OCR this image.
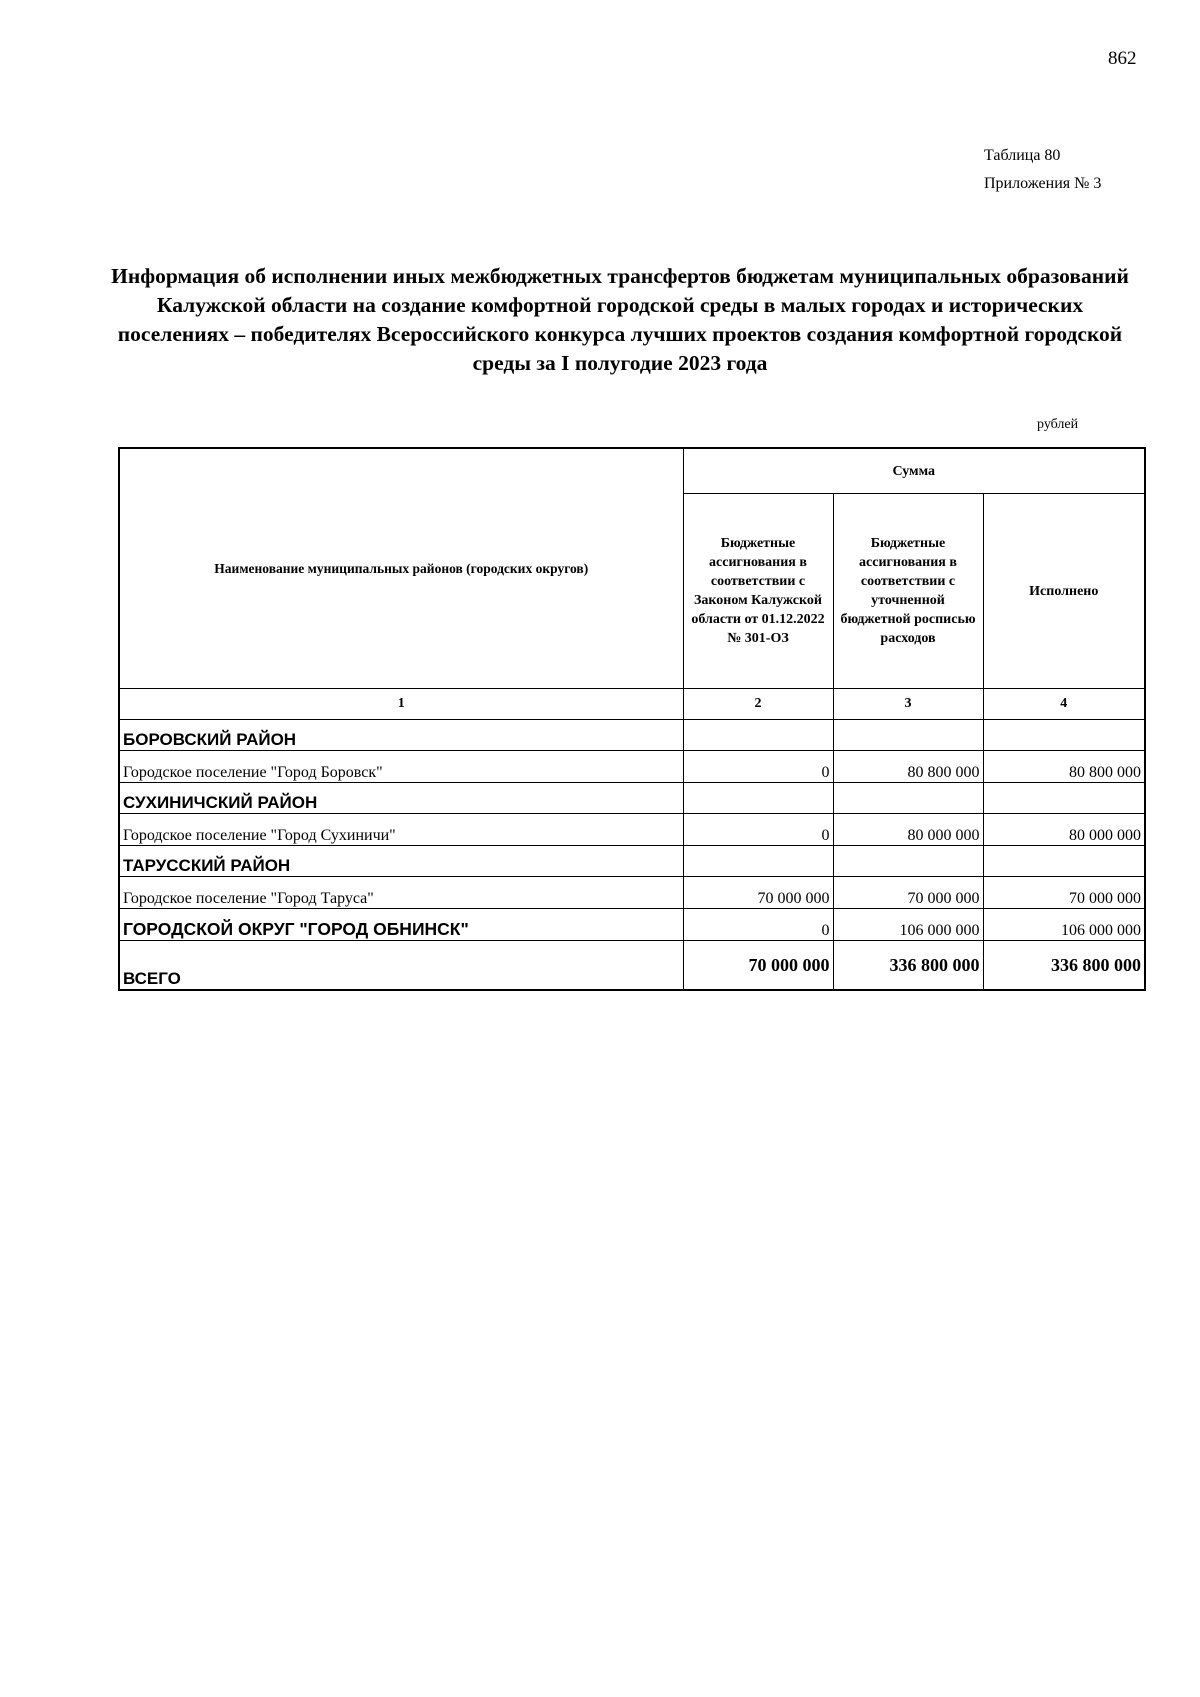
862
Таблица 80
Приложения № 3
Информация об исполнении иных межбюджетных трансфертов бюджетам муниципальных образований Калужской области на создание комфортной городской среды в малых городах и исторических поселениях – победителях Всероссийского конкурса лучших проектов создания комфортной городской среды за I полугодие 2023 года
рублей
Наименование муниципальных районов (городских округов)	Сумма		
	Бюджетные ассигнования в соответствии с Законом Калужской области от 01.12.2022 № 301-ОЗ	Бюджетные ассигнования в соответствии с уточненной бюджетной росписью расходов	Исполнено
1	2	3	4
БОРОВСКИЙ РАЙОН			
Городское поселение "Город Боровск"	0	80 800 000	80 800 000
СУХИНИЧСКИЙ РАЙОН			
Городское поселение "Город Сухиничи"	0	80 000 000	80 000 000
ТАРУССКИЙ РАЙОН			
Городское поселение "Город Таруса"	70 000 000	70 000 000	70 000 000
ГОРОДСКОЙ ОКРУГ "ГОРОД ОБНИНСК"	0	106 000 000	106 000 000
ВСЕГО	70 000 000	336 800 000	336 800 000
